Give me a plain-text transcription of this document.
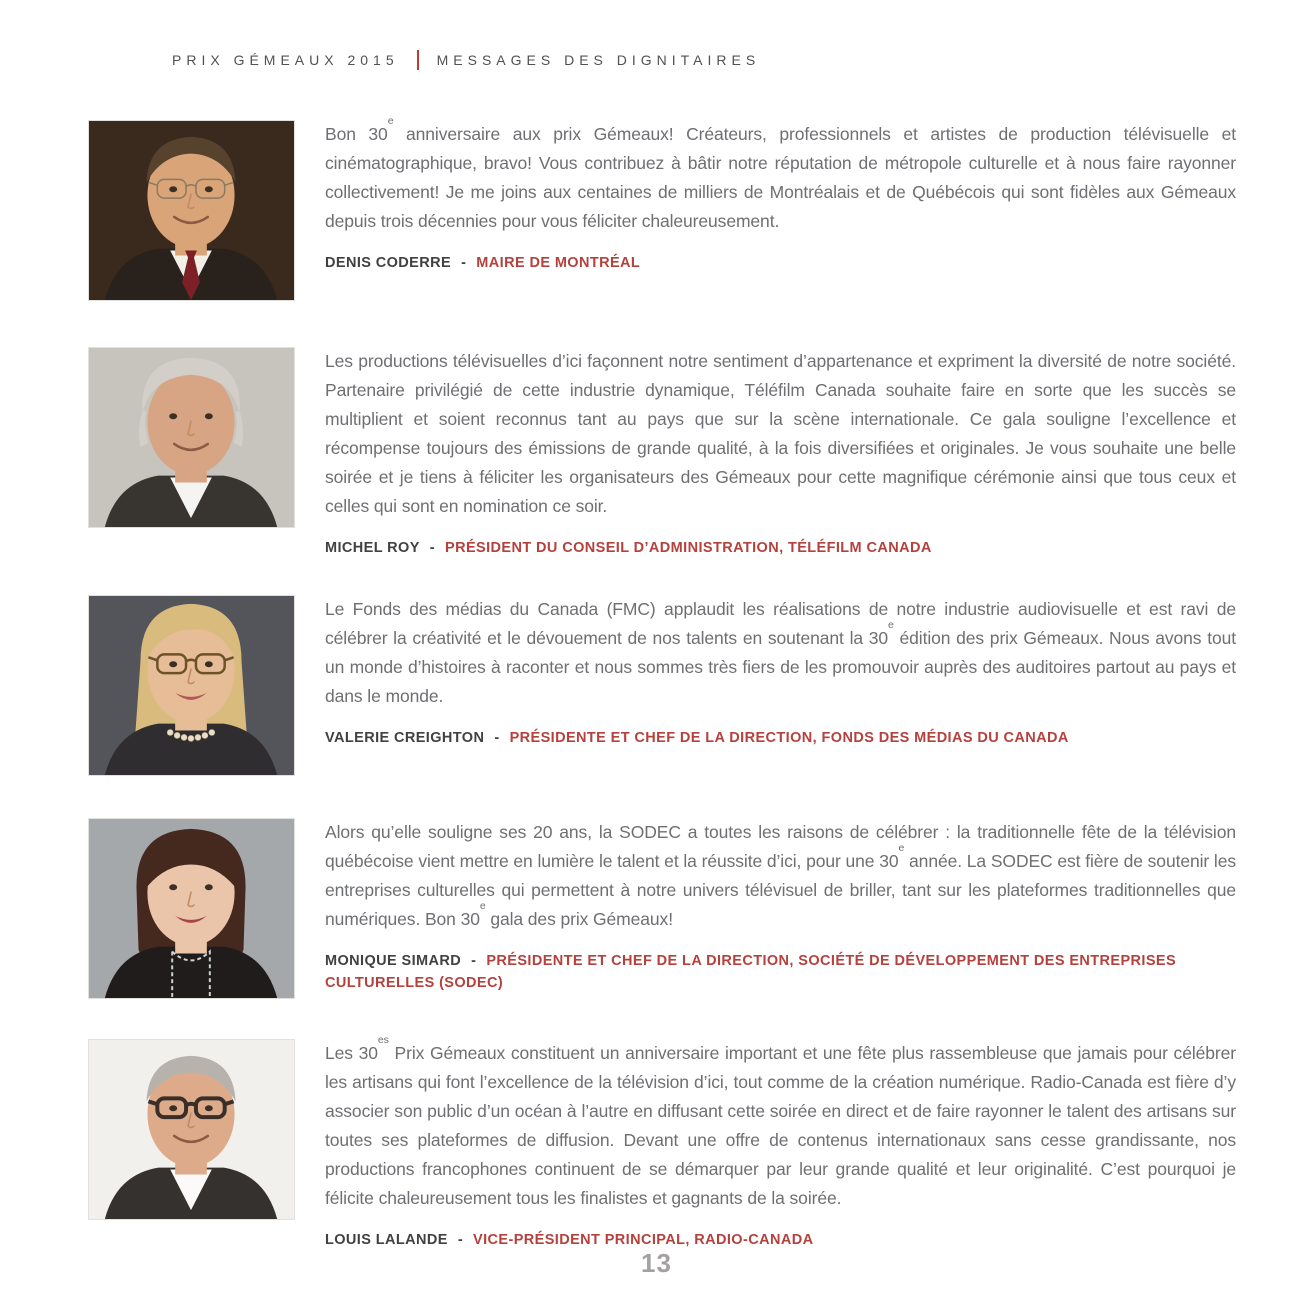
PRIX GÉMEAUX 2015	MESSAGES DES DIGNITAIRES
Bon 30e anniversaire aux prix Gémeaux! Créateurs, professionnels et artistes de production télévisuelle et cinématographique, bravo! Vous contribuez à bâtir notre réputation de métropole culturelle et à nous faire rayonner collectivement! Je me joins aux centaines de milliers de Montréalais et de Québécois qui sont fidèles aux Gémeaux depuis trois décennies pour vous féliciter chaleureusement.
DENIS CODERRE - MAIRE DE MONTRÉAL
Les productions télévisuelles d’ici façonnent notre sentiment d’appartenance et expriment la diversité de notre société. Partenaire privilégié de cette industrie dynamique, Téléfilm Canada souhaite faire en sorte que les succès se multiplient et soient reconnus tant au pays que sur la scène internationale. Ce gala souligne l’excellence et récompense toujours des émissions de grande qualité, à la fois diversifiées et originales. Je vous souhaite une belle soirée et je tiens à féliciter les organisateurs des Gémeaux pour cette magnifique cérémonie ainsi que tous ceux et celles qui sont en nomination ce soir.
MICHEL ROY - PRÉSIDENT DU CONSEIL D’ADMINISTRATION, TÉLÉFILM CANADA
Le Fonds des médias du Canada (FMC) applaudit les réalisations de notre industrie audiovisuelle et est ravi de célébrer la créativité et le dévouement de nos talents en soutenant la 30e édition des prix Gémeaux. Nous avons tout un monde d’histoires à raconter et nous sommes très fiers de les promouvoir auprès des auditoires partout au pays et dans le monde.
VALERIE CREIGHTON - PRÉSIDENTE ET CHEF DE LA DIRECTION, FONDS DES MÉDIAS DU CANADA
Alors qu’elle souligne ses 20 ans, la SODEC a toutes les raisons de célébrer : la traditionnelle fête de la télévision québécoise vient mettre en lumière le talent et la réussite d’ici, pour une 30e année. La SODEC est fière de soutenir les entreprises culturelles qui permettent à notre univers télévisuel de briller, tant sur les plateformes traditionnelles que numériques. Bon 30e gala des prix Gémeaux!
MONIQUE SIMARD - PRÉSIDENTE ET CHEF DE LA DIRECTION, SOCIÉTÉ DE DÉVELOPPEMENT DES ENTREPRISES CULTURELLES (SODEC)
Les $30^{es}$ Prix Gémeaux constituent un anniversaire important et une fête plus rassembleuse que jamais pour célébrer les artisans qui font l’excellence de la télévision d’ici, tout comme de la création numérique. Radio-Canada est fière d’y associer son public d’un océan à l’autre en diffusant cette soirée en direct et de faire rayonner le talent des artisans sur toutes ses plateformes de diffusion. Devant une offre de contenus internationaux sans cesse grandissante, nos productions francophones continuent de se démarquer par leur grande qualité et leur originalité. C’est pourquoi je félicite chaleureusement tous les finalistes et gagnants de la soirée.
LOUIS LALANDE - VICE-PRÉSIDENT PRINCIPAL, RADIO-CANADA
13
